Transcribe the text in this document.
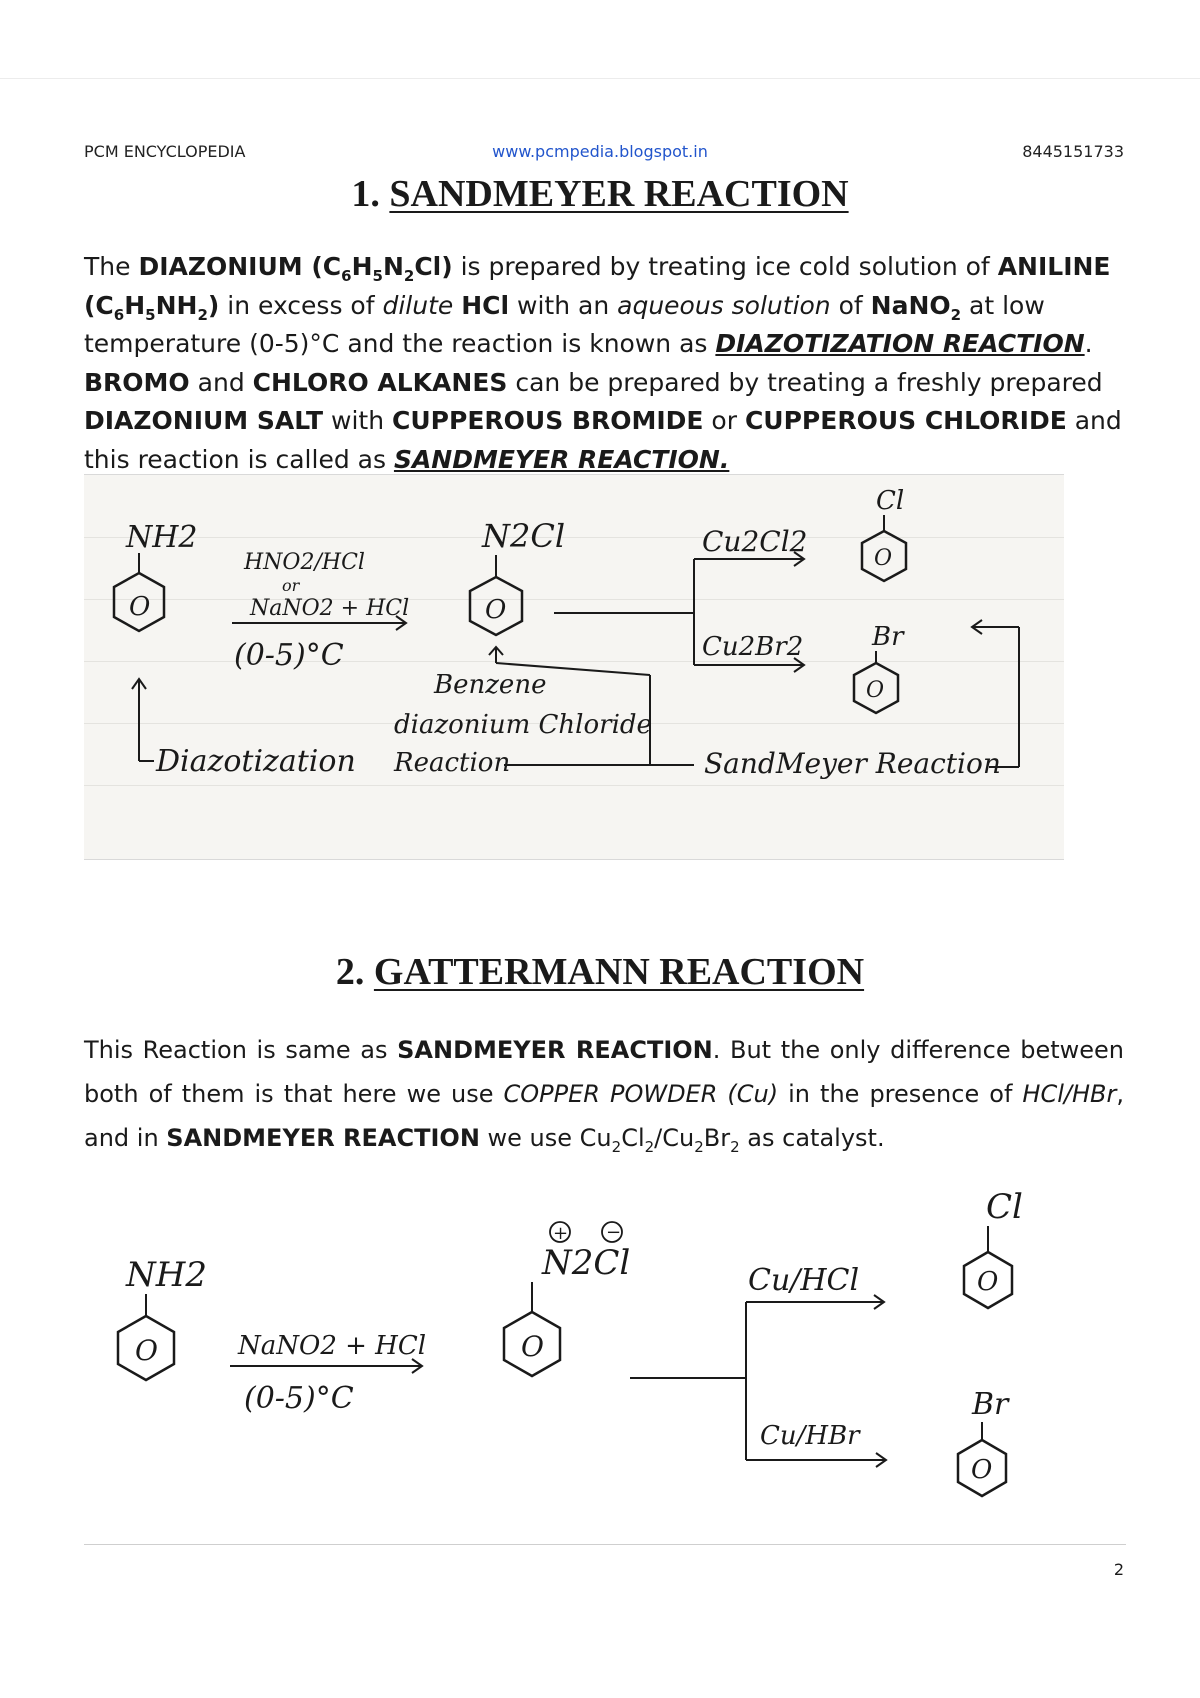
PCM ENCYCLOPEDIA	www.pcmpedia.blogspot.in	8445151733
1. SANDMEYER REACTION
The DIAZONIUM $(C_6H_5N_2Cl)$ is prepared by treating ice cold solution of ANILINE $(C_6H_5NH_2)$ in excess of dilute HCl with an aqueous solution of NaNO$_2$ at low temperature (0-5)°C and the reaction is known as DIAZOTIZATION REACTION. BROMO and CHLORO ALKANES can be prepared by treating a freshly prepared DIAZONIUM SALT with CUPPEROUS BROMIDE or CUPPEROUS CHLORIDE and this reaction is called as SANDMEYER REACTION.
NH2
O
HNO2/HCl
or
NaNO2 + HCl
(0-5)°C
N2Cl
O
Cu2Cl2
Cu2Br2
Cl
O
Br
O
Diazotization Reaction
Benzene
diazonium Chloride
SandMeyer Reaction
2. GATTERMANN REACTION
This Reaction is same as SANDMEYER REACTION. But the only difference between both of them is that here we use COPPER POWDER (Cu) in the presence of HCl/HBr, and in SANDMEYER REACTION we use $Cu_2Cl_2/Cu_2Br_2$ as catalyst.
NH2
O	NaNO2 + HCl
(0-5)°C
+ −
N2Cl
O
Cu/HCl
Cu/HBr
Cl
O
Br
O
2
